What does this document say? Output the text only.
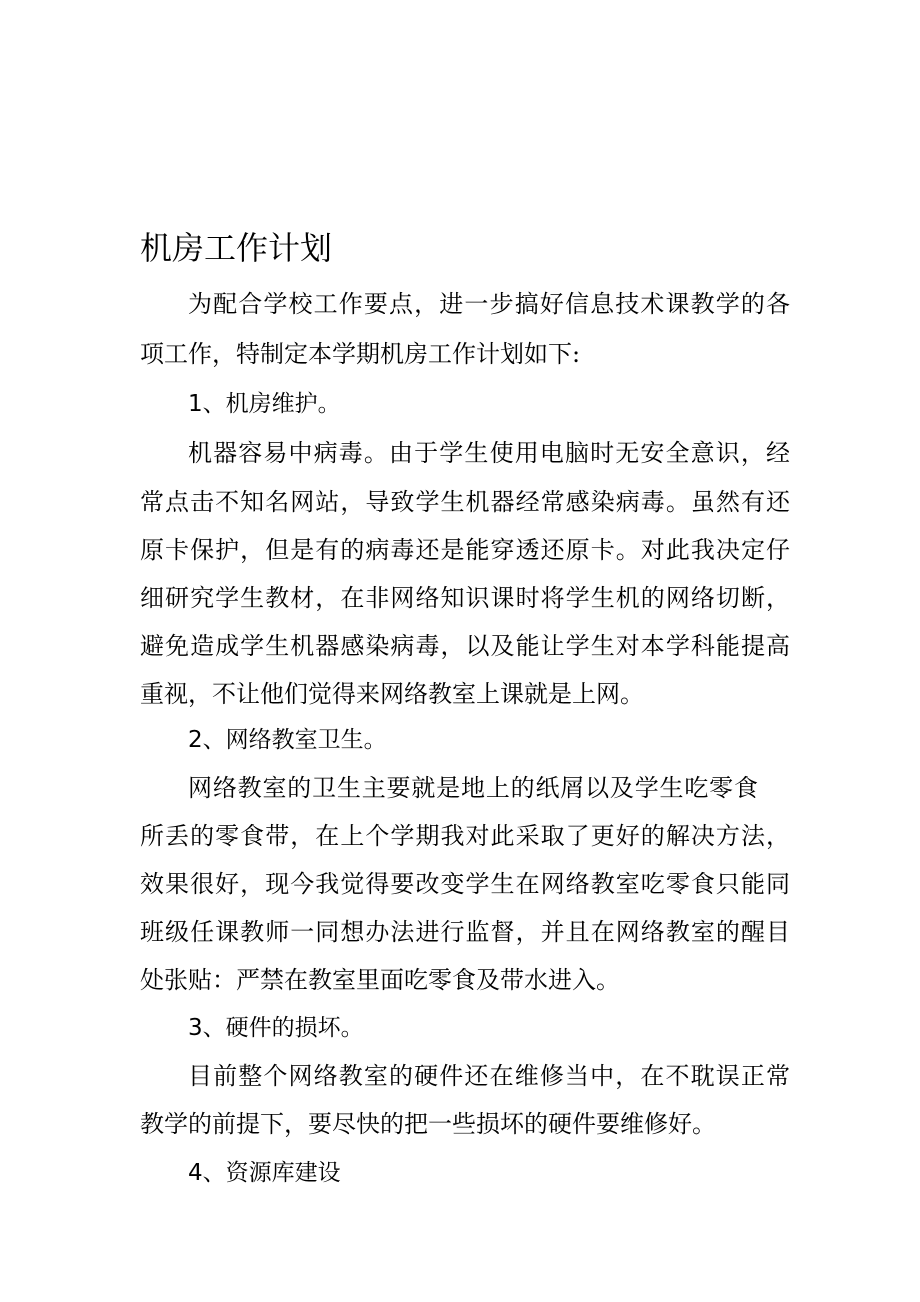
机房工作计划
为配合学校工作要点，进一步搞好信息技术课教学的各
项工作，特制定本学期机房工作计划如下:
1、机房维护。
机器容易中病毒。由于学生使用电脑时无安全意识，经
常点击不知名网站，导致学生机器经常感染病毒。虽然有还
原卡保护，但是有的病毒还是能穿透还原卡。对此我决定仔
细研究学生教材，在非网络知识课时将学生机的网络切断，
避免造成学生机器感染病毒，以及能让学生对本学科能提高
重视，不让他们觉得来网络教室上课就是上网。
2、网络教室卫生。
网络教室的卫生主要就是地上的纸屑以及学生吃零食
所丢的零食带，在上个学期我对此采取了更好的解决方法，
效果很好，现今我觉得要改变学生在网络教室吃零食只能同
班级任课教师一同想办法进行监督，并且在网络教室的醒目
处张贴：严禁在教室里面吃零食及带水进入。
3、硬件的损坏。
目前整个网络教室的硬件还在维修当中，在不耽误正常
教学的前提下，要尽快的把一些损坏的硬件要维修好。
4、资源库建设
